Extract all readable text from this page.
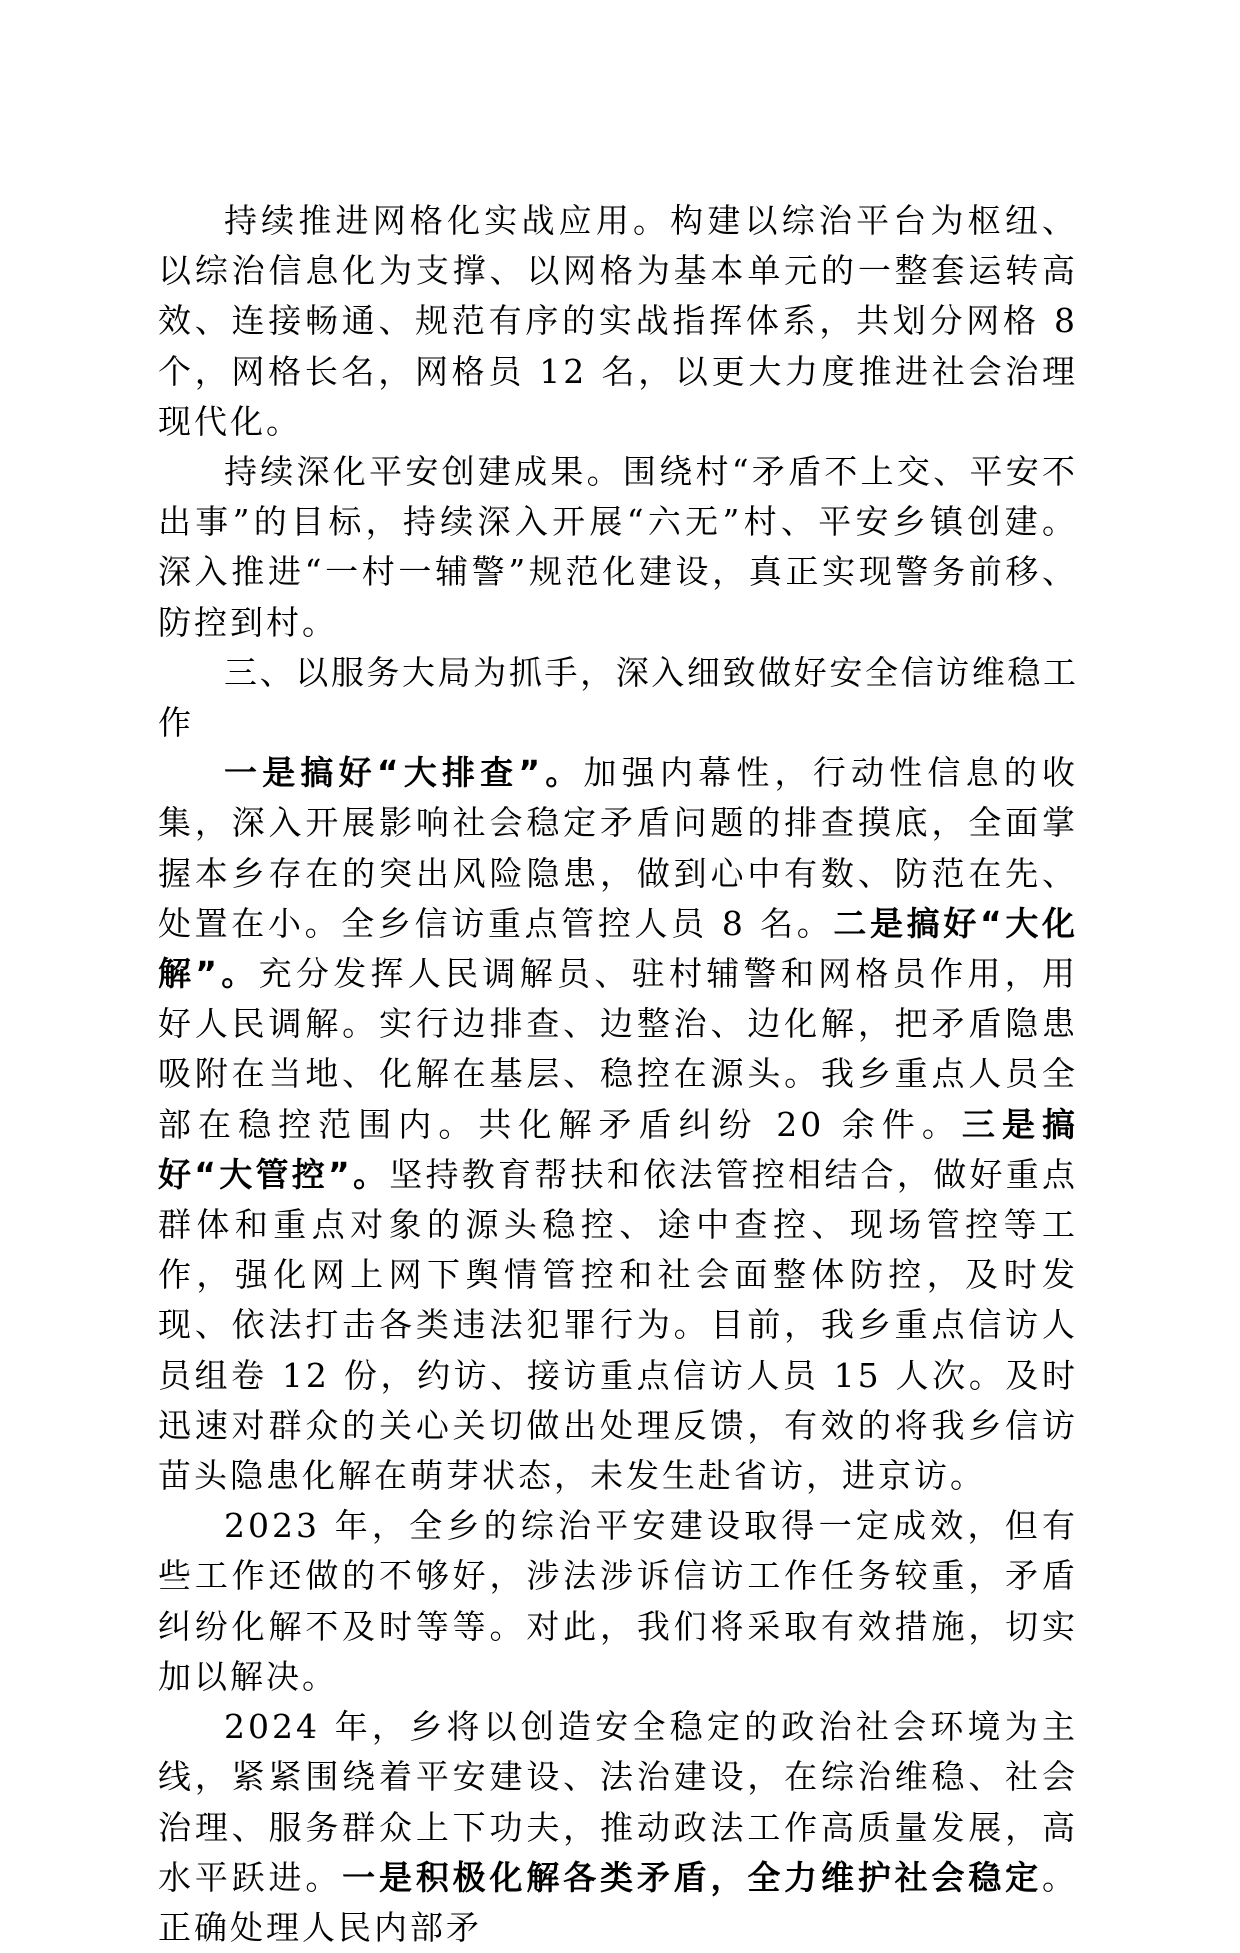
持续推进网格化实战应用。构建以综治平台为枢纽、以综治信息化为支撑、以网格为基本单元的一整套运转高效、连接畅通、规范有序的实战指挥体系，共划分网格 8 个，网格长名，网格员 12 名，以更大力度推进社会治理现代化。

持续深化平安创建成果。围绕村“矛盾不上交、平安不出事”的目标，持续深入开展“六无”村、平安乡镇创建。深入推进“一村一辅警”规范化建设，真正实现警务前移、防控到村。

三、以服务大局为抓手，深入细致做好安全信访维稳工作

一是搞好“大排查”。加强内幕性，行动性信息的收集，深入开展影响社会稳定矛盾问题的排查摸底，全面掌握本乡存在的突出风险隐患，做到心中有数、防范在先、处置在小。全乡信访重点管控人员 8 名。二是搞好“大化解”。充分发挥人民调解员、驻村辅警和网格员作用，用好人民调解。实行边排查、边整治、边化解，把矛盾隐患吸附在当地、化解在基层、稳控在源头。我乡重点人员全部在稳控范围内。共化解矛盾纠纷 20 余件。三是搞好“大管控”。坚持教育帮扶和依法管控相结合，做好重点群体和重点对象的源头稳控、途中查控、现场管控等工作，强化网上网下舆情管控和社会面整体防控，及时发现、依法打击各类违法犯罪行为。目前，我乡重点信访人员组卷 12 份，约访、接访重点信访人员 15 人次。及时迅速对群众的关心关切做出处理反馈，有效的将我乡信访苗头隐患化解在萌芽状态，未发生赴省访，进京访。

2023 年，全乡的综治平安建设取得一定成效，但有些工作还做的不够好，涉法涉诉信访工作任务较重，矛盾纠纷化解不及时等等。对此，我们将采取有效措施，切实加以解决。

2024 年，乡将以创造安全稳定的政治社会环境为主线，紧紧围绕着平安建设、法治建设，在综治维稳、社会治理、服务群众上下功夫，推动政法工作高质量发展，高水平跃进。一是积极化解各类矛盾，全力维护社会稳定。正确处理人民内部矛
